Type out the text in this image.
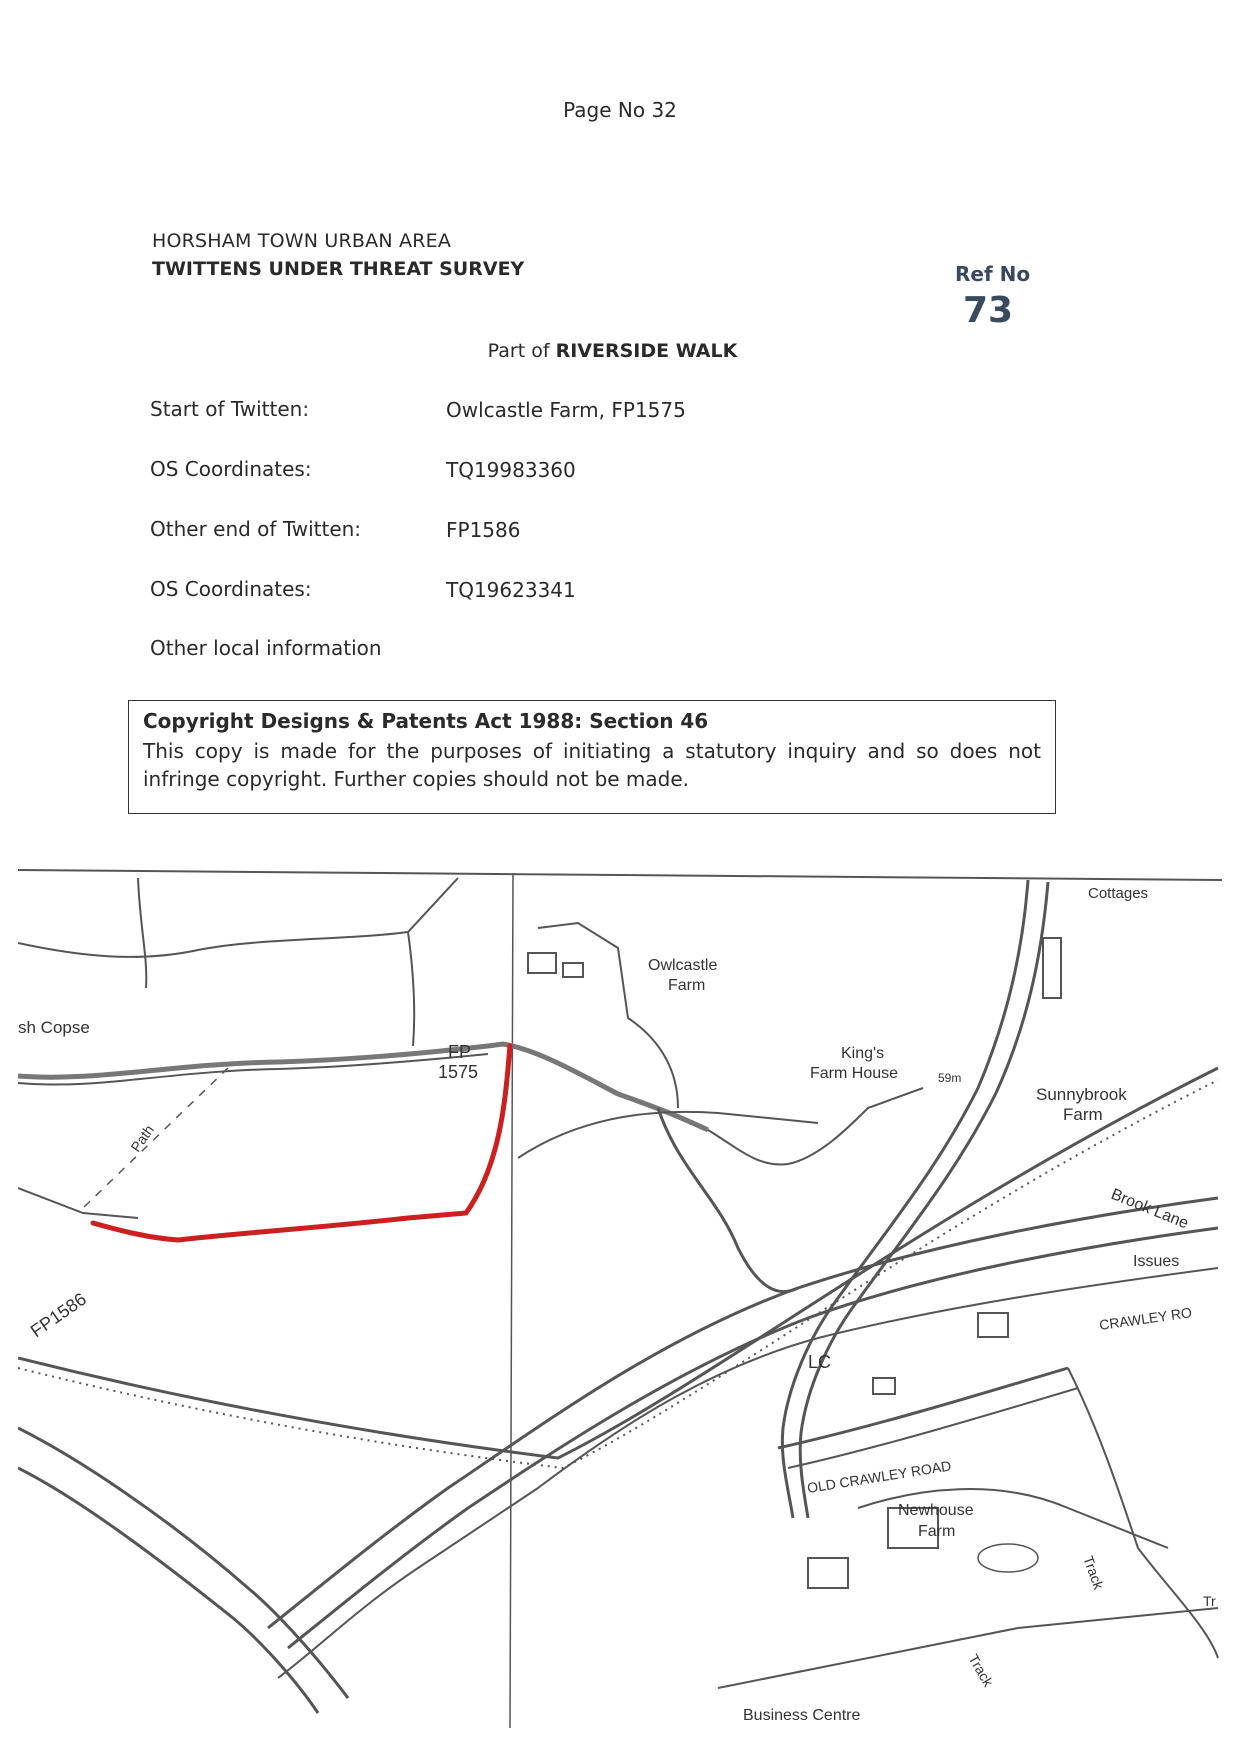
Page No 32
HORSHAM TOWN URBAN AREA
TWITTENS UNDER THREAT SURVEY	Ref No
73
Part of RIVERSIDE WALK
Start of Twitten:	Owlcastle Farm, FP1575
OS Coordinates:	TQ19983360
Other end of Twitten:	FP1586
OS Coordinates:	TQ19623341
Other local information
Copyright Designs & Patents Act 1988: Section 46
This copy is made for the purposes of initiating a statutory inquiry and so does not infringe copyright. Further copies should not be made.
Cottages
sh Copse
Owlcastle
Farm
King's
Farm House	59m
Sunnybrook
Farm
Brook Lane
Issues
CRAWLEY RO
LC
OLD CRAWLEY ROAD
Newhouse
Farm
Track
Track
Business Centre
Path
Tr
FP 1575
FP1586
